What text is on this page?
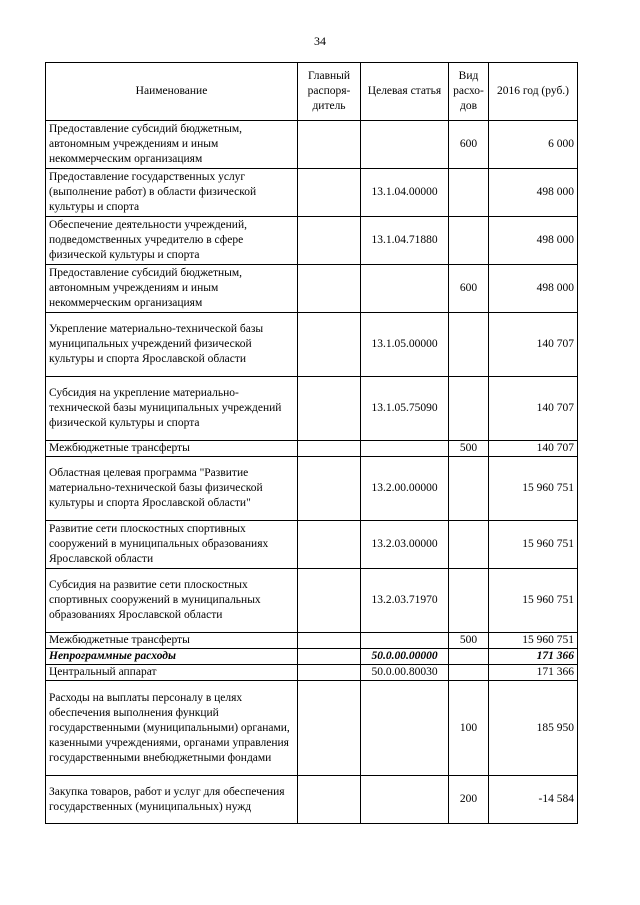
34
Наименование	Главный распоря-дитель	Целевая статья	Вид расхо-дов	2016 год (руб.)
Предоставление субсидий бюджетным, автономным учреждениям и иным некоммерческим организациям			600	6 000
Предоставление государственных услуг (выполнение работ) в области физической культуры и спорта		13.1.04.00000		498 000
Обеспечение деятельности учреждений, подведомственных учредителю в сфере физической культуры и спорта		13.1.04.71880		498 000
Предоставление субсидий бюджетным, автономным учреждениям и иным некоммерческим организациям			600	498 000
Укрепление материально-технической базы муниципальных учреждений физической культуры и спорта Ярославской области		13.1.05.00000		140 707
Субсидия на укрепление материально-технической базы муниципальных учреждений физической культуры и спорта		13.1.05.75090		140 707
Межбюджетные трансферты			500	140 707
Областная целевая программа "Развитие материально-технической базы физической культуры и спорта Ярославской области"		13.2.00.00000		15 960 751
Развитие сети плоскостных спортивных сооружений в муниципальных образованиях Ярославской области		13.2.03.00000		15 960 751
Субсидия на развитие сети плоскостных спортивных сооружений в муниципальных образованиях Ярославской области		13.2.03.71970		15 960 751
Межбюджетные трансферты			500	15 960 751
Непрограммные расходы		50.0.00.00000		171 366
Центральный аппарат		50.0.00.80030		171 366
Расходы на выплаты персоналу в целях обеспечения выполнения функций государственными (муниципальными) органами, казенными учреждениями, органами управления государственными внебюджетными фондами			100	185 950
Закупка товаров, работ и услуг для обеспечения государственных (муниципальных) нужд			200	-14 584
